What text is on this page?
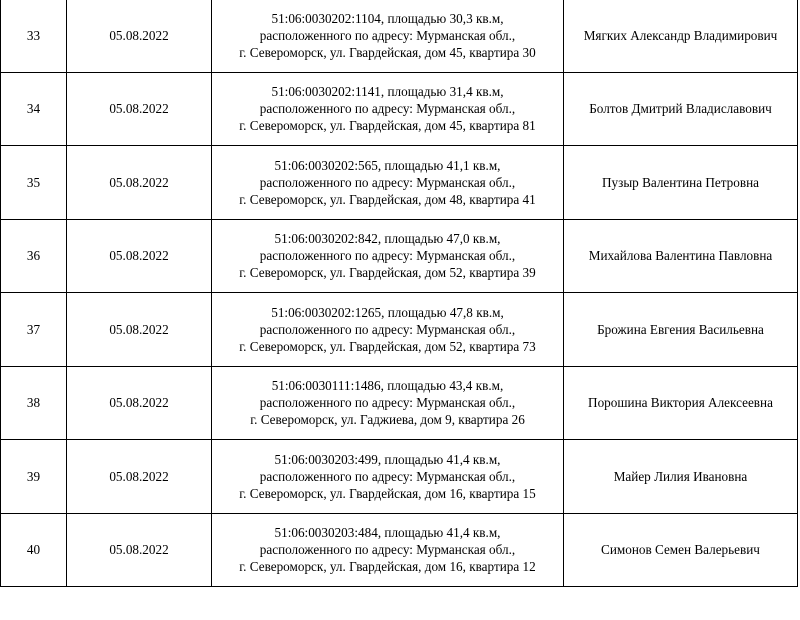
33	05.08.2022	51:06:0030202:1104, площадью 30,3 кв.м,
расположенного по адресу: Мурманская обл.,
г. Североморск, ул. Гвардейская, дом 45, квартира 30	Мягких Александр Владимирович
34	05.08.2022	51:06:0030202:1141, площадью 31,4 кв.м,
расположенного по адресу: Мурманская обл.,
г. Североморск, ул. Гвардейская, дом 45, квартира 81	Болтов Дмитрий Владиславович
35	05.08.2022	51:06:0030202:565, площадью 41,1 кв.м,
расположенного по адресу: Мурманская обл.,
г. Североморск, ул. Гвардейская, дом 48, квартира 41	Пузыр Валентина Петровна
36	05.08.2022	51:06:0030202:842, площадью 47,0 кв.м,
расположенного по адресу: Мурманская обл.,
г. Североморск, ул. Гвардейская, дом 52, квартира 39	Михайлова Валентина Павловна
37	05.08.2022	51:06:0030202:1265, площадью 47,8 кв.м,
расположенного по адресу: Мурманская обл.,
г. Североморск, ул. Гвардейская, дом 52, квартира 73	Брожина Евгения Васильевна
38	05.08.2022	51:06:0030111:1486, площадью 43,4 кв.м,
расположенного по адресу: Мурманская обл.,
г. Североморск, ул. Гаджиева, дом 9, квартира 26	Порошина Виктория Алексеевна
39	05.08.2022	51:06:0030203:499, площадью 41,4 кв.м,
расположенного по адресу: Мурманская обл.,
г. Североморск, ул. Гвардейская, дом 16, квартира 15	Майер Лилия Ивановна
40	05.08.2022	51:06:0030203:484, площадью 41,4 кв.м,
расположенного по адресу: Мурманская обл.,
г. Североморск, ул. Гвардейская, дом 16, квартира 12	Симонов Семен Валерьевич
